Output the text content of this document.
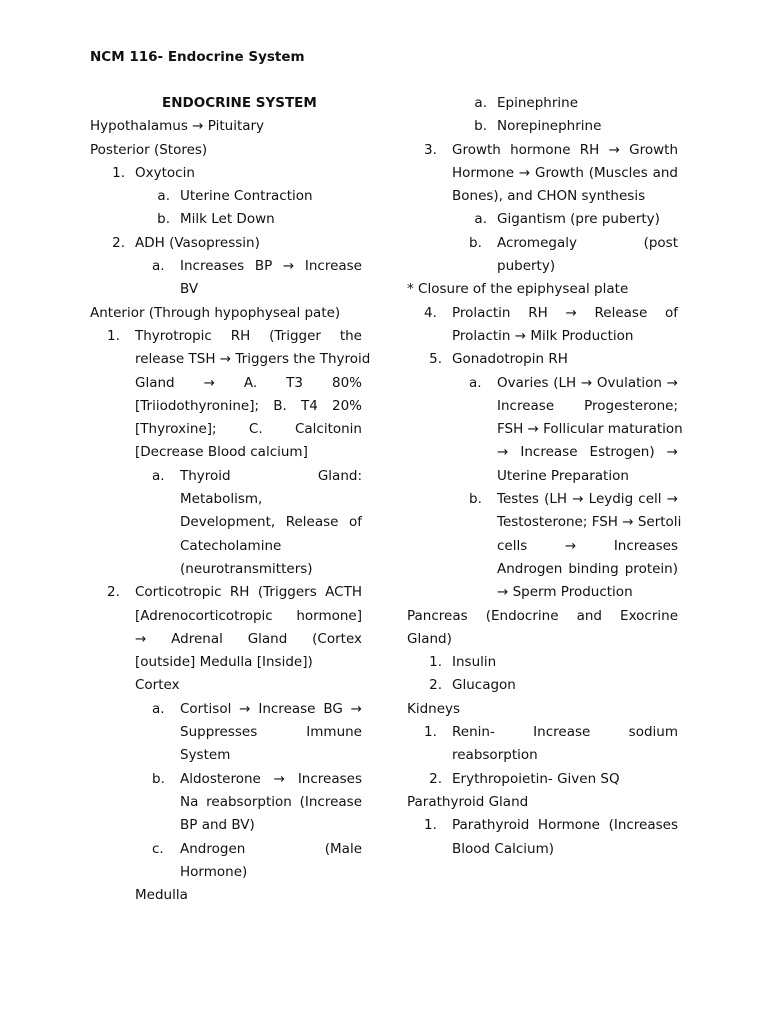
NCM 116- Endocrine System
ENDOCRINE SYSTEM
Hypothalamus → Pituitary
Posterior (Stores)
1. Oxytocin
a. Uterine Contraction
b. Milk Let Down
2. ADH (Vasopressin)
a.	Increases BP → Increase
BV
Anterior (Through hypophyseal pate)
1.	Thyrotropic RH (Trigger the
release TSH → Triggers the Thyroid
Gland → A. T3 80%
[Triiodothyronine]; B. T4 20%
[Thyroxine]; C. Calcitonin
[Decrease Blood calcium]
a.	Thyroid Gland:
Metabolism,
Development, Release of
Catecholamine
(neurotransmitters)
2.	Corticotropic RH (Triggers ACTH
[Adrenocorticotropic hormone]
→ Adrenal Gland (Cortex
[outside] Medulla [Inside])
Cortex
a.	Cortisol → Increase BG →
Suppresses Immune
System
b.	Aldosterone → Increases
Na reabsorption (Increase
BP and BV)
c.	Androgen (Male
Hormone)
Medulla
a. Epinephrine
b. Norepinephrine
3.	Growth hormone RH → Growth
Hormone → Growth (Muscles and
Bones), and CHON synthesis
a. Gigantism (pre puberty)
b.	Acromegaly (post
puberty)
* Closure of the epiphyseal plate
4.	Prolactin RH → Release of
Prolactin → Milk Production
5. Gonadotropin RH
a.	Ovaries (LH → Ovulation →
Increase Progesterone;
FSH → Follicular maturation
→ Increase Estrogen) →
Uterine Preparation
b.	Testes (LH → Leydig cell →
Testosterone; FSH → Sertoli
cells → Increases
Androgen binding protein)
→ Sperm Production
Pancreas (Endocrine and Exocrine
Gland)
1. Insulin
2. Glucagon
Kidneys
1.	Renin- Increase sodium
reabsorption
2. Erythropoietin- Given SQ
Parathyroid Gland
1.	Parathyroid Hormone (Increases
Blood Calcium)
